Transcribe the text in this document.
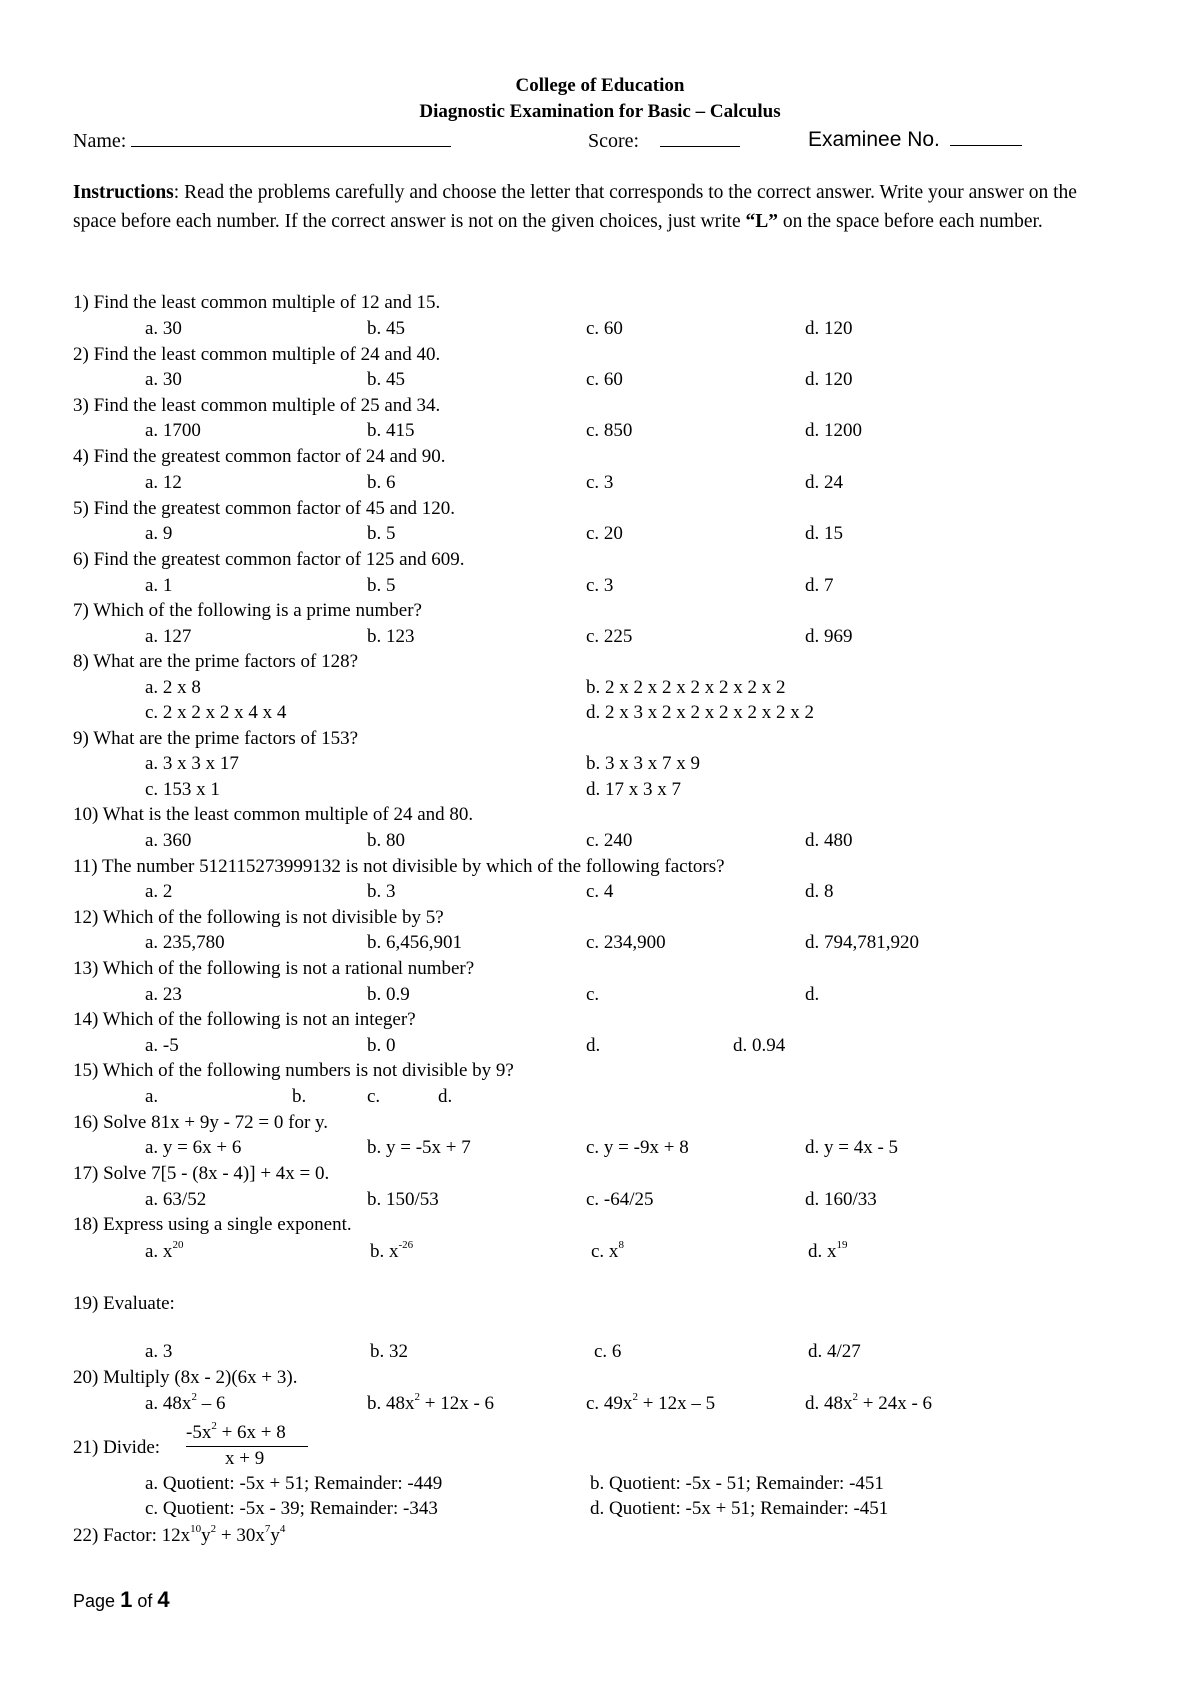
College of Education
Diagnostic Examination for Basic – Calculus
Name:	Score:	Examinee No.
Instructions: Read the problems carefully and choose the letter that corresponds to the correct answer. Write your answer on the space before each number. If the correct answer is not on the given choices, just write “L” on the space before each number.
1) Find the least common multiple of 12 and 15.
a. 30	b. 45	c. 60	d. 120
2) Find the least common multiple of 24 and 40.
a. 30	b. 45	c. 60	d. 120
3) Find the least common multiple of 25 and 34.
a. 1700	b. 415	c. 850	d. 1200
4) Find the greatest common factor of 24 and 90.
a. 12	b. 6	c. 3	d. 24
5) Find the greatest common factor of 45 and 120.
a. 9	b. 5	c. 20	d. 15
6) Find the greatest common factor of 125 and 609.
a. 1	b. 5	c. 3	d. 7
7) Which of the following is a prime number?
a. 127	b. 123	c. 225	d. 969
8) What are the prime factors of 128?
a. 2 x 8	b. 2 x 2 x 2 x 2 x 2 x 2 x 2
c. 2 x 2 x 2 x 4 x 4	d. 2 x 3 x 2 x 2 x 2 x 2 x 2 x 2
9) What are the prime factors of 153?
a. 3 x 3 x 17	b. 3 x 3 x 7 x 9
c. 153 x 1	d. 17 x 3 x 7
10) What is the least common multiple of 24 and 80.
a. 360	b. 80	c. 240	d. 480
11) The number 512115273999132 is not divisible by which of the following factors?
a. 2	b. 3	c. 4	d. 8
12) Which of the following is not divisible by 5?
a. 235,780	b. 6,456,901	c. 234,900	d. 794,781,920
13) Which of the following is not a rational number?
a. 23	b. 0.9	c.	d.
14) Which of the following is not an integer?
a. -5	b. 0	d.	d. 0.94
15) Which of the following numbers is not divisible by 9?
a.	b.	c.	d.
16) Solve 81x + 9y - 72 = 0 for y.
a. y = 6x + 6	b. y = -5x + 7	c. y = -9x + 8	d. y = 4x - 5
17) Solve 7[5 - (8x - 4)] + 4x = 0.
a. 63/52	b. 150/53	c. -64/25	d. 160/33
18) Express using a single exponent.
a. $x^{20}$	b. $x^{-26}$	c. $x^8$	d. $x^{19}$
19) Evaluate:
a. 3	b. 32	c. 6	d. 4/27
20) Multiply (8x - 2)(6x + 3).
a. $48x^2 - 6$	b. $48x^2 + 12x - 6$	c. $49x^2 + 12x - 5$	d. $48x^2 + 24x - 6$
21) Divide:
$-5x^2 + 6x + 8$
x + 9
a. Quotient: -5x + 51; Remainder: -449	b. Quotient: -5x - 51; Remainder: -451
c. Quotient: -5x - 39; Remainder: -343	d. Quotient: -5x + 51; Remainder: -451
22) Factor: $12x^{10}y^2 + 30x^7y^4$
Page 1 of 4
